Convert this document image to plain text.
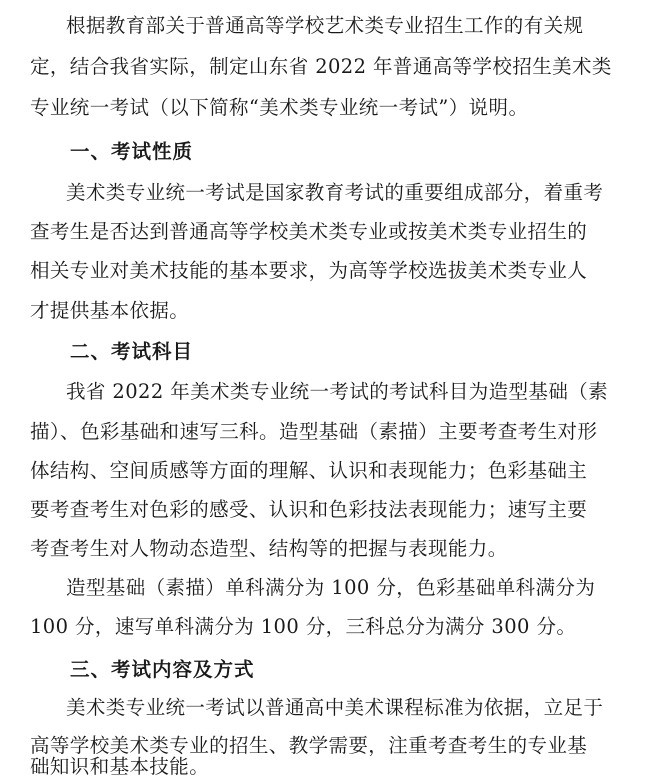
根据教育部关于普通高等学校艺术类专业招生工作的有关规
定，结合我省实际，制定山东省 2022 年普通高等学校招生美术类
专业统一考试（以下简称“美术类专业统一考试”）说明。
一、考试性质
美术类专业统一考试是国家教育考试的重要组成部分，着重考
查考生是否达到普通高等学校美术类专业或按美术类专业招生的
相关专业对美术技能的基本要求，为高等学校选拔美术类专业人
才提供基本依据。
二、考试科目
我省 2022 年美术类专业统一考试的考试科目为造型基础（素
描）、色彩基础和速写三科。造型基础（素描）主要考查考生对形
体结构、空间质感等方面的理解、认识和表现能力；色彩基础主
要考查考生对色彩的感受、认识和色彩技法表现能力；速写主要
考查考生对人物动态造型、结构等的把握与表现能力。
造型基础（素描）单科满分为 100 分，色彩基础单科满分为
100 分，速写单科满分为 100 分，三科总分为满分 300 分。
三、考试内容及方式
美术类专业统一考试以普通高中美术课程标准为依据，立足于
高等学校美术类专业的招生、教学需要，注重考查考生的专业基
础知识和基本技能。
